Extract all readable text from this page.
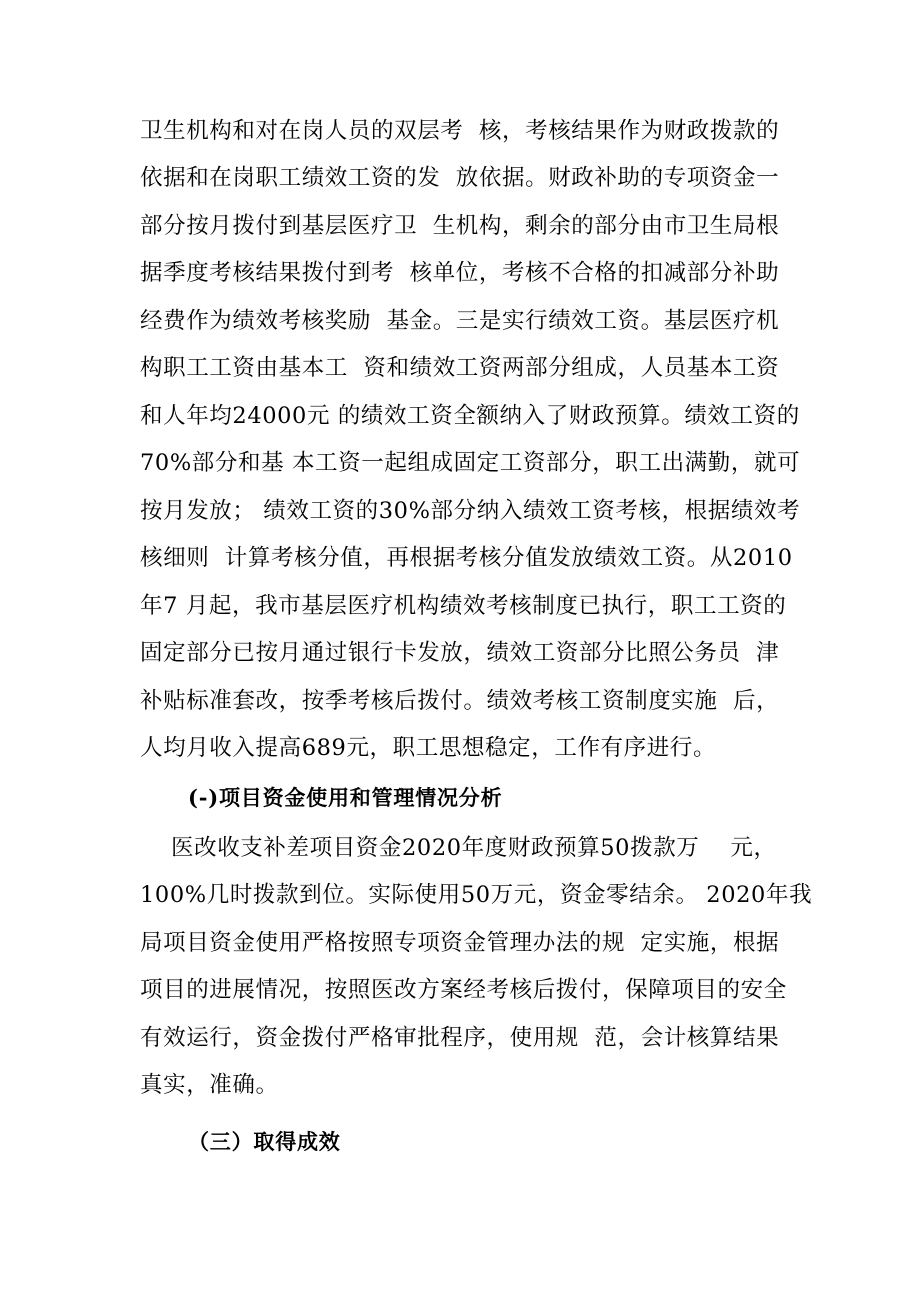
卫生机构和对在岗人员的双层考  核，考核结果作为财政拨款的
依据和在岗职工绩效工资的发  放依据。财政补助的专项资金一
部分按月拨付到基层医疗卫  生机构，剩余的部分由市卫生局根
据季度考核结果拨付到考  核单位，考核不合格的扣减部分补助
经费作为绩效考核奖励  基金。三是实行绩效工资。基层医疗机
构职工工资由基本工  资和绩效工资两部分组成，人员基本工资
和人年均24000元 的绩效工资全额纳入了财政预算。绩效工资的
70%部分和基 本工资一起组成固定工资部分，职工出满勤，就可
按月发放； 绩效工资的30%部分纳入绩效工资考核，根据绩效考
核细则  计算考核分值，再根据考核分值发放绩效工资。从2010
年7 月起，我市基层医疗机构绩效考核制度已执行，职工工资的
固定部分已按月通过银行卡发放，绩效工资部分比照公务员  津
补贴标准套改，按季考核后拨付。绩效考核工资制度实施  后，
人均月收入提高689元，职工思想稳定，工作有序进行。
(-)项目资金使用和管理情况分析
医改收支补差项目资金2020年度财政预算50拨款万    元，
100%几时拨款到位。实际使用50万元，资金零结余。 2020年我
局项目资金使用严格按照专项资金管理办法的规  定实施，根据
项目的进展情况，按照医改方案经考核后拨付，保障项目的安全
有效运行，资金拨付严格审批程序，使用规  范，会计核算结果
真实，准确。
（三）取得成效
